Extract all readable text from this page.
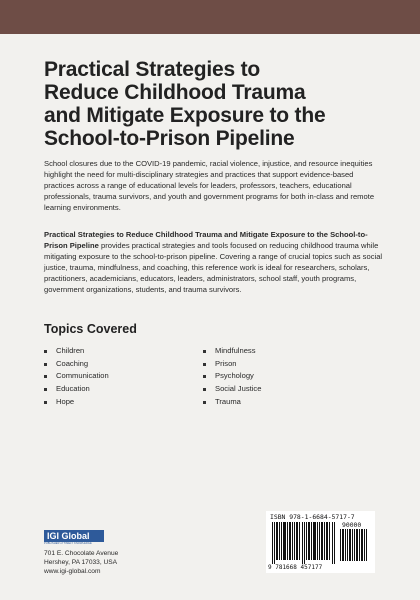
Practical Strategies to
Reduce Childhood Trauma
and Mitigate Exposure to the
School-to-Prison Pipeline

School closures due to the COVID-19 pandemic, racial violence, injustice, and resource inequities highlight the need for multi-disciplinary strategies and practices that support evidence-based practices across a range of educational levels for leaders, professors, teachers, educational professionals, trauma survivors, and youth and government programs for both in-class and remote learning environments.

Practical Strategies to Reduce Childhood Trauma and Mitigate Exposure to the School-to-Prison Pipeline provides practical strategies and tools focused on reducing childhood trauma while mitigating exposure to the school-to-prison pipeline. Covering a range of crucial topics such as social justice, trauma, mindfulness, and coaching, this reference work is ideal for researchers, scholars, practitioners, academicians, educators, leaders, administrators, school staff, youth programs, government organizations, students, and trauma survivors.

Topics Covered
Children
Coaching
Communication
Education
Hope
Mindfulness
Prison
Psychology
Social Justice
Trauma
IGI Global
PUBLISHER of TIMELY KNOWLEDGE
701 E. Chocolate Avenue
Hershey, PA 17033, USA
www.igi-global.com
ISBN 978-1-6684-5717-7
90000
9 781668 457177
